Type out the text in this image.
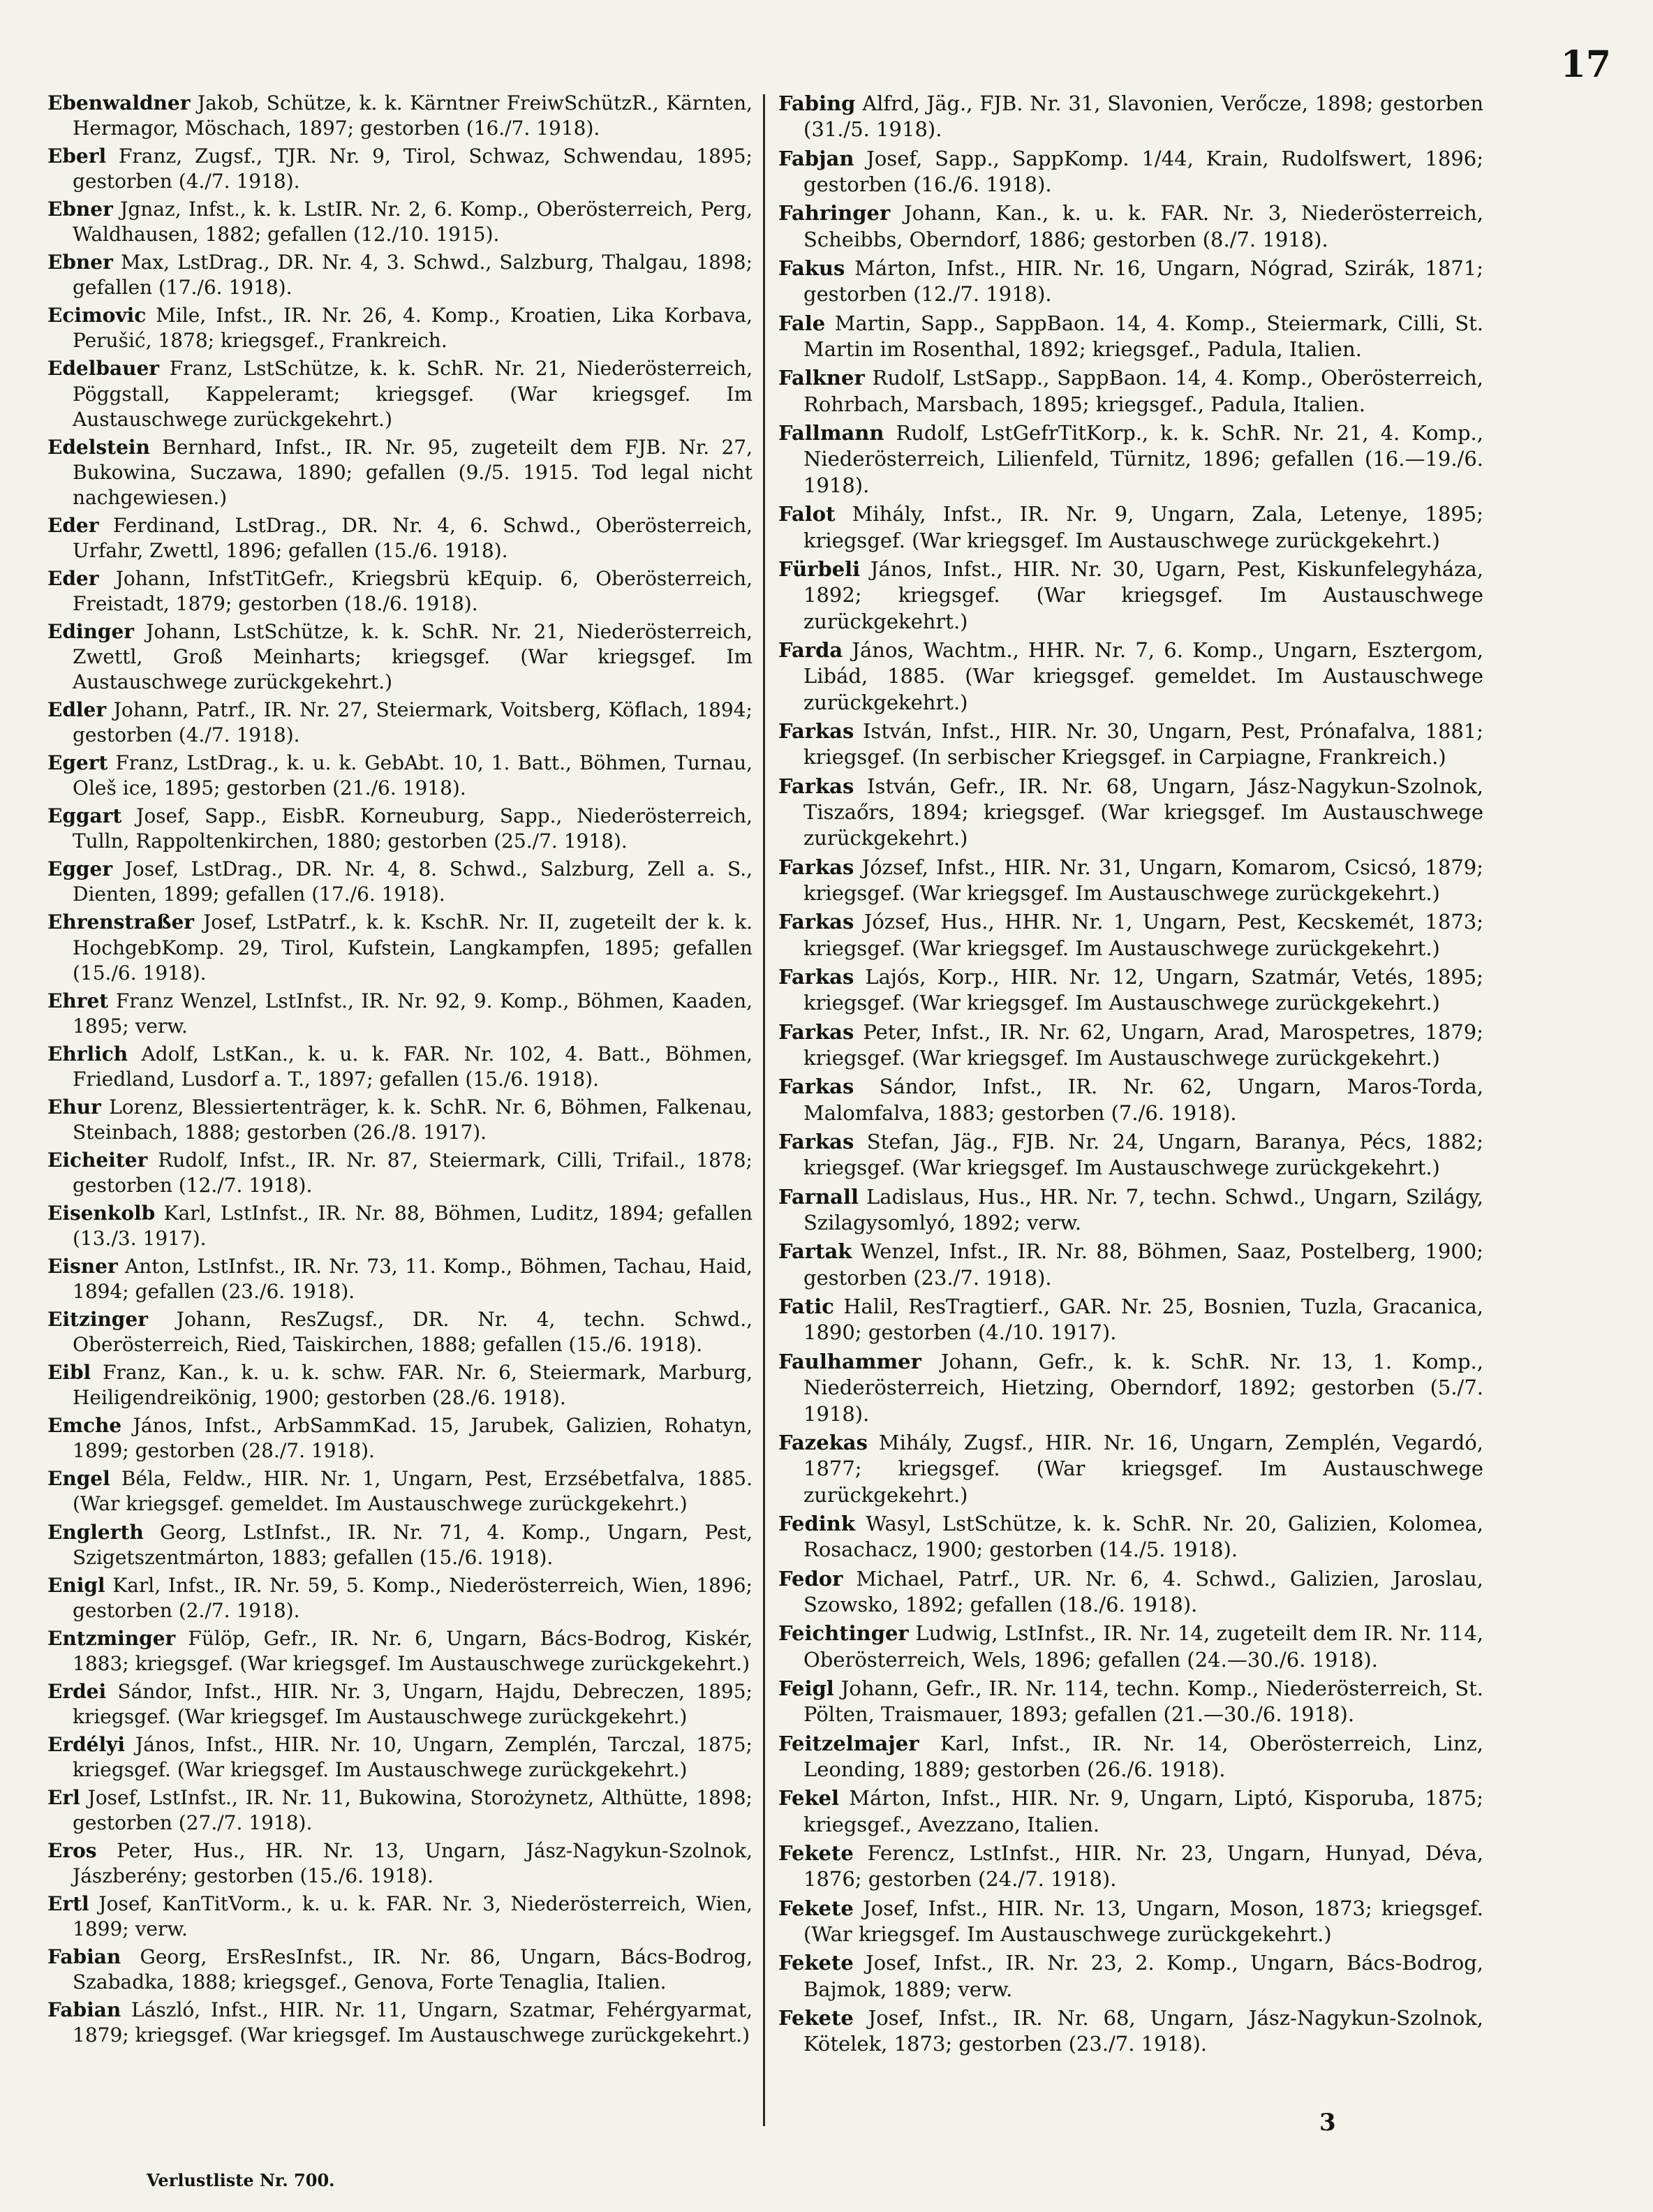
17
Ebenwaldner Jakob, Schütze, k. k. Kärntner FreiwSchützR., Kärnten, Hermagor, Möschach, 1897; gestorben (16./7. 1918).
Eberl Franz, Zugsf., TJR. Nr. 9, Tirol, Schwaz, Schwendau, 1895; gestorben (4./7. 1918).
Ebner Jgnaz, Infst., k. k. LstIR. Nr. 2, 6. Komp., Oberösterreich, Perg, Waldhausen, 1882; gefallen (12./10. 1915).
Ebner Max, LstDrag., DR. Nr. 4, 3. Schwd., Salzburg, Thalgau, 1898; gefallen (17./6. 1918).
Ecimovic Mile, Infst., IR. Nr. 26, 4. Komp., Kroatien, Lika Korbava, Perušić, 1878; kriegsgef., Frankreich.
Edelbauer Franz, LstSchütze, k. k. SchR. Nr. 21, Niederösterreich, Pöggstall, Kappeleramt; kriegsgef. (War kriegsgef. Im Austauschwege zurückgekehrt.)
Edelstein Bernhard, Infst., IR. Nr. 95, zugeteilt dem FJB. Nr. 27, Bukowina, Suczawa, 1890; gefallen (9./5. 1915. Tod legal nicht nachgewiesen.)
Eder Ferdinand, LstDrag., DR. Nr. 4, 6. Schwd., Oberösterreich, Urfahr, Zwettl, 1896; gefallen (15./6. 1918).
Eder Johann, InfstTitGefr., Kriegsbrü kEquip. 6, Oberösterreich, Freistadt, 1879; gestorben (18./6. 1918).
Edinger Johann, LstSchütze, k. k. SchR. Nr. 21, Niederösterreich, Zwettl, Groß Meinharts; kriegsgef. (War kriegsgef. Im Austauschwege zurückgekehrt.)
Edler Johann, Patrf., IR. Nr. 27, Steiermark, Voitsberg, Köflach, 1894; gestorben (4./7. 1918).
Egert Franz, LstDrag., k. u. k. GebAbt. 10, 1. Batt., Böhmen, Turnau, Oleš ice, 1895; gestorben (21./6. 1918).
Eggart Josef, Sapp., EisbR. Korneuburg, Sapp., Niederösterreich, Tulln, Rappoltenkirchen, 1880; gestorben (25./7. 1918).
Egger Josef, LstDrag., DR. Nr. 4, 8. Schwd., Salzburg, Zell a. S., Dienten, 1899; gefallen (17./6. 1918).
Ehrenstraßer Josef, LstPatrf., k. k. KschR. Nr. II, zugeteilt der k. k. HochgebKomp. 29, Tirol, Kufstein, Langkampfen, 1895; gefallen (15./6. 1918).
Ehret Franz Wenzel, LstInfst., IR. Nr. 92, 9. Komp., Böhmen, Kaaden, 1895; verw.
Ehrlich Adolf, LstKan., k. u. k. FAR. Nr. 102, 4. Batt., Böhmen, Friedland, Lusdorf a. T., 1897; gefallen (15./6. 1918).
Ehur Lorenz, Blessiertenträger, k. k. SchR. Nr. 6, Böhmen, Falkenau, Steinbach, 1888; gestorben (26./8. 1917).
Eicheiter Rudolf, Infst., IR. Nr. 87, Steiermark, Cilli, Trifail., 1878; gestorben (12./7. 1918).
Eisenkolb Karl, LstInfst., IR. Nr. 88, Böhmen, Luditz, 1894; gefallen (13./3. 1917).
Eisner Anton, LstInfst., IR. Nr. 73, 11. Komp., Böhmen, Tachau, Haid, 1894; gefallen (23./6. 1918).
Eitzinger Johann, ResZugsf., DR. Nr. 4, techn. Schwd., Oberösterreich, Ried, Taiskirchen, 1888; gefallen (15./6. 1918).
Eibl Franz, Kan., k. u. k. schw. FAR. Nr. 6, Steiermark, Marburg, Heiligendreikönig, 1900; gestorben (28./6. 1918).
Emche János, Infst., ArbSammKad. 15, Jarubek, Galizien, Rohatyn, 1899; gestorben (28./7. 1918).
Engel Béla, Feldw., HIR. Nr. 1, Ungarn, Pest, Erzsébetfalva, 1885. (War kriegsgef. gemeldet. Im Austauschwege zurückgekehrt.)
Englerth Georg, LstInfst., IR. Nr. 71, 4. Komp., Ungarn, Pest, Szigetszentmárton, 1883; gefallen (15./6. 1918).
Enigl Karl, Infst., IR. Nr. 59, 5. Komp., Niederösterreich, Wien, 1896; gestorben (2./7. 1918).
Entzminger Fülöp, Gefr., IR. Nr. 6, Ungarn, Bács-Bodrog, Kiskér, 1883; kriegsgef. (War kriegsgef. Im Austauschwege zurückgekehrt.)
Erdei Sándor, Infst., HIR. Nr. 3, Ungarn, Hajdu, Debreczen, 1895; kriegsgef. (War kriegsgef. Im Austauschwege zurückgekehrt.)
Erdélyi János, Infst., HIR. Nr. 10, Ungarn, Zemplén, Tarczal, 1875; kriegsgef. (War kriegsgef. Im Austauschwege zurückgekehrt.)
Erl Josef, LstInfst., IR. Nr. 11, Bukowina, Storożynetz, Althütte, 1898; gestorben (27./7. 1918).
Eros Peter, Hus., HR. Nr. 13, Ungarn, Jász-Nagykun-Szolnok, Jászberény; gestorben (15./6. 1918).
Ertl Josef, KanTitVorm., k. u. k. FAR. Nr. 3, Niederösterreich, Wien, 1899; verw.
Fabian Georg, ErsResInfst., IR. Nr. 86, Ungarn, Bács-Bodrog, Szabadka, 1888; kriegsgef., Genova, Forte Tenaglia, Italien.
Fabian László, Infst., HIR. Nr. 11, Ungarn, Szatmar, Fehérgyarmat, 1879; kriegsgef. (War kriegsgef. Im Austauschwege zurückgekehrt.)
Fabing Alfrd, Jäg., FJB. Nr. 31, Slavonien, Verőcze, 1898; gestorben (31./5. 1918).
Fabjan Josef, Sapp., SappKomp. 1/44, Krain, Rudolfswert, 1896; gestorben (16./6. 1918).
Fahringer Johann, Kan., k. u. k. FAR. Nr. 3, Niederösterreich, Scheibbs, Oberndorf, 1886; gestorben (8./7. 1918).
Fakus Márton, Infst., HIR. Nr. 16, Ungarn, Nógrad, Szirák, 1871; gestorben (12./7. 1918).
Fale Martin, Sapp., SappBaon. 14, 4. Komp., Steiermark, Cilli, St. Martin im Rosenthal, 1892; kriegsgef., Padula, Italien.
Falkner Rudolf, LstSapp., SappBaon. 14, 4. Komp., Oberösterreich, Rohrbach, Marsbach, 1895; kriegsgef., Padula, Italien.
Fallmann Rudolf, LstGefrTitKorp., k. k. SchR. Nr. 21, 4. Komp., Niederösterreich, Lilienfeld, Türnitz, 1896; gefallen (16.—19./6. 1918).
Falot Mihály, Infst., IR. Nr. 9, Ungarn, Zala, Letenye, 1895; kriegsgef. (War kriegsgef. Im Austauschwege zurückgekehrt.)
Fürbeli János, Infst., HIR. Nr. 30, Ugarn, Pest, Kiskunfelegyháza, 1892; kriegsgef. (War kriegsgef. Im Austauschwege zurückgekehrt.)
Farda János, Wachtm., HHR. Nr. 7, 6. Komp., Ungarn, Esztergom, Libád, 1885. (War kriegsgef. gemeldet. Im Austauschwege zurückgekehrt.)
Farkas István, Infst., HIR. Nr. 30, Ungarn, Pest, Prónafalva, 1881; kriegsgef. (In serbischer Kriegsgef. in Carpiagne, Frankreich.)
Farkas István, Gefr., IR. Nr. 68, Ungarn, Jász-Nagykun-Szolnok, Tiszaőrs, 1894; kriegsgef. (War kriegsgef. Im Austauschwege zurückgekehrt.)
Farkas József, Infst., HIR. Nr. 31, Ungarn, Komarom, Csicsó, 1879; kriegsgef. (War kriegsgef. Im Austauschwege zurückgekehrt.)
Farkas József, Hus., HHR. Nr. 1, Ungarn, Pest, Kecskemét, 1873; kriegsgef. (War kriegsgef. Im Austauschwege zurückgekehrt.)
Farkas Lajós, Korp., HIR. Nr. 12, Ungarn, Szatmár, Vetés, 1895; kriegsgef. (War kriegsgef. Im Austauschwege zurückgekehrt.)
Farkas Peter, Infst., IR. Nr. 62, Ungarn, Arad, Marospetres, 1879; kriegsgef. (War kriegsgef. Im Austauschwege zurückgekehrt.)
Farkas Sándor, Infst., IR. Nr. 62, Ungarn, Maros-Torda, Malomfalva, 1883; gestorben (7./6. 1918).
Farkas Stefan, Jäg., FJB. Nr. 24, Ungarn, Baranya, Pécs, 1882; kriegsgef. (War kriegsgef. Im Austauschwege zurückgekehrt.)
Farnall Ladislaus, Hus., HR. Nr. 7, techn. Schwd., Ungarn, Szilágy, Szilagysomlyó, 1892; verw.
Fartak Wenzel, Infst., IR. Nr. 88, Böhmen, Saaz, Postelberg, 1900; gestorben (23./7. 1918).
Fatic Halil, ResTragtierf., GAR. Nr. 25, Bosnien, Tuzla, Gracanica, 1890; gestorben (4./10. 1917).
Faulhammer Johann, Gefr., k. k. SchR. Nr. 13, 1. Komp., Niederösterreich, Hietzing, Oberndorf, 1892; gestorben (5./7. 1918).
Fazekas Mihály, Zugsf., HIR. Nr. 16, Ungarn, Zemplén, Vegardó, 1877; kriegsgef. (War kriegsgef. Im Austauschwege zurückgekehrt.)
Fedink Wasyl, LstSchütze, k. k. SchR. Nr. 20, Galizien, Kolomea, Rosachacz, 1900; gestorben (14./5. 1918).
Fedor Michael, Patrf., UR. Nr. 6, 4. Schwd., Galizien, Jaroslau, Szowsko, 1892; gefallen (18./6. 1918).
Feichtinger Ludwig, LstInfst., IR. Nr. 14, zugeteilt dem IR. Nr. 114, Oberösterreich, Wels, 1896; gefallen (24.—30./6. 1918).
Feigl Johann, Gefr., IR. Nr. 114, techn. Komp., Niederösterreich, St. Pölten, Traismauer, 1893; gefallen (21.—30./6. 1918).
Feitzelmajer Karl, Infst., IR. Nr. 14, Oberösterreich, Linz, Leonding, 1889; gestorben (26./6. 1918).
Fekel Márton, Infst., HIR. Nr. 9, Ungarn, Liptó, Kisporuba, 1875; kriegsgef., Avezzano, Italien.
Fekete Ferencz, LstInfst., HIR. Nr. 23, Ungarn, Hunyad, Déva, 1876; gestorben (24./7. 1918).
Fekete Josef, Infst., HIR. Nr. 13, Ungarn, Moson, 1873; kriegsgef. (War kriegsgef. Im Austauschwege zurückgekehrt.)
Fekete Josef, Infst., IR. Nr. 23, 2. Komp., Ungarn, Bács-Bodrog, Bajmok, 1889; verw.
Fekete Josef, Infst., IR. Nr. 68, Ungarn, Jász-Nagykun-Szolnok, Kötelek, 1873; gestorben (23./7. 1918).
Verlustliste Nr. 700.
3
